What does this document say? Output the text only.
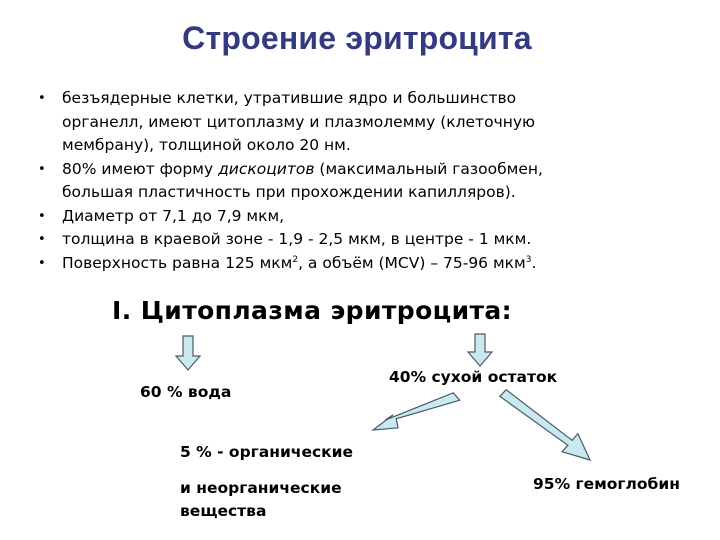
Строение эритроцита
• безъядерные клетки, утратившие ядро и большинство
органелл, имеют цитоплазму и плазмолемму (клеточную
мембрану), толщиной около 20 нм.
• 80% имеют форму дискоцитов (максимальный газообмен,
большая пластичность при прохождении капилляров).
• Диаметр от 7,1 до 7,9 мкм,
• толщина в краевой зоне - 1,9 - 2,5 мкм, в центре - 1 мкм.
• Поверхность равна 125 мкм$^2$, а объём (MCV) – 75-96 мкм$^3$.
I. Цитоплазма эритроцита:
60 % вода
40% сухой остаток
5 % - органические
и неорганические
вещества
95% гемоглобин
